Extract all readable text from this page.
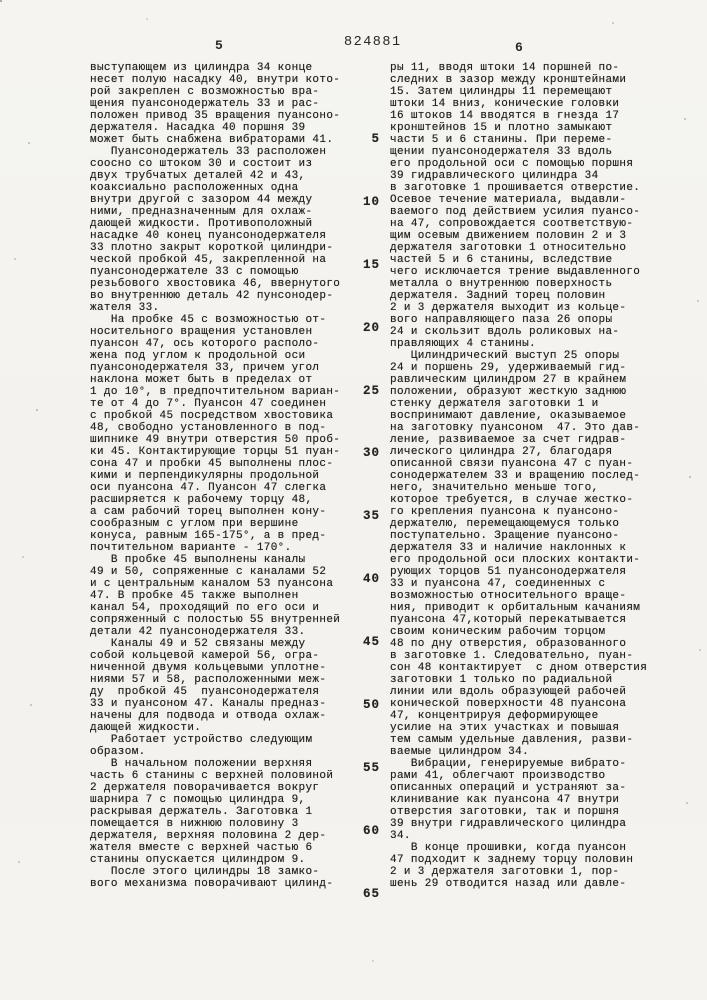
5	824881	6
выступающем из цилиндра 34 конце
несет полую насадку 40, внутри кото-
рой закреплен с возможностью вра-
щения пуансонодержатель 33 и рас-
положен привод 35 вращения пуансоно-
держателя. Насадка 40 поршня 39
может быть снабжена вибраторами 41.
Пуансонодержатель 33 расположен
соосно со штоком 30 и состоит из
двух трубчатых деталей 42 и 43,
коаксиально расположенных одна
внутри другой с зазором 44 между
ними, предназначенным для охлаж-
дающей жидкости. Противоположный
насадке 40 конец пуансонодержателя
33 плотно закрыт короткой цилиндри-
ческой пробкой 45, закрепленной на
пуансонодержателе 33 с помощью
резьбового хвостовика 46, ввернутого
во внутреннюю деталь 42 пунсонодер-
жателя 33.
На пробке 45 с возможностью от-
носительного вращения установлен
пуансон 47, ось которого располо-
жена под углом к продольной оси
пуансонодержателя 33, причем угол
наклона может быть в пределах от
1 до 10°, в предпочтительном вариан-
те от 4 до 7°. Пуансон 47 соединен
с пробкой 45 посредством хвостовика
48, свободно установленного в под-
шипнике 49 внутри отверстия 50 проб-
ки 45. Контактирующие торцы 51 пуан-
сона 47 и пробки 45 выполнены плос-
кими и перпендикулярны продольной
оси пуансона 47. Пуансон 47 слегка
расширяется к рабочему торцу 48,
а сам рабочий торец выполнен кону-
сообразным с углом при вершине
конуса, равным 165-175°, а в пред-
почтительном варианте - 170°.
В пробке 45 выполнены каналы
49 и 50, сопряженные с каналами 52
и с центральным каналом 53 пуансона
47. В пробке 45 также выполнен
канал 54, проходящий по его оси и
сопряженный с полостью 55 внутренней
детали 42 пуансонодержателя 33.
Каналы 49 и 52 связаны между
собой кольцевой камерой 56, огра-
ниченной двумя кольцевыми уплотне-
ниями 57 и 58, расположенными меж-
ду  пробкой 45  пуансонодержателя
33 и пуансоном 47. Каналы предназ-
начены для подвода и отвода охлаж-
дающей жидкости.
Работает устройство следующим
образом.
В начальном положении верхняя
часть 6 станины с верхней половиной
2 держателя поворачивается вокруг
шарнира 7 с помощью цилиндра 9,
раскрывая держатель. Заготовка 1
помещается в нижнюю половину 3
держателя, верхняя половина 2 дер-
жателя вместе с верхней частью 6
станины опускается цилиндром 9.
После этого цилиндры 18 замко-
вого механизма поворачивают цилинд-
5
10
15
20
25
30
35
40
45
50
55
60
65
ры 11, вводя штоки 14 поршней по-
следних в зазор между кронштейнами
15. Затем цилиндры 11 перемещают
штоки 14 вниз, конические головки
16 штоков 14 вводятся в гнезда 17
кронштейнов 15 и плотно замыкают
части 5 и 6 станины. При переме-
щении пуансонодержателя 33 вдоль
его продольной оси с помощью поршня
39 гидравлического цилиндра 34
в заготовке 1 прошивается отверстие.
Осевое течение материала, выдавли-
ваемого под действием усилия пуансо-
на 47, сопровождается соответствую-
щим осевым движением половин 2 и 3
держателя заготовки 1 относительно
частей 5 и 6 станины, вследствие
чего исключается трение выдавленного
металла о внутреннюю поверхность
держателя. Задний торец половин
2 и 3 держателя выходит из кольце-
вого направляющего паза 26 опоры
24 и скользит вдоль роликовых на-
правляющих 4 станины.
Цилиндрический выступ 25 опоры
24 и поршень 29, удерживаемый гид-
равлическим цилиндром 27 в крайнем
положении, образуют жесткую заднюю
стенку держателя заготовки 1 и
воспринимают давление, оказываемое
на заготовку пуансоном  47. Это дав-
ление, развиваемое за счет гидрав-
лического цилиндра 27, благодаря
описанной связи пуансона 47 с пуан-
сонодержателем 33 и вращению послед-
него, значительно меньше того,
которое требуется, в случае жестко-
го крепления пуансона к пуансоно-
держателю, перемещающемуся только
поступательно. Зращение пуансоно-
держателя 33 и наличие наклонных к
его продольной оси плоских контакти-
рующих торцов 51 пуансонодержателя
33 и пуансона 47, соединенных с
возможностью относительного враще-
ния, приводит к орбитальным качаниям
пуансона 47,который перекатывается
своим коническим рабочим торцом
48 по дну отверстия, образованного
в заготовке 1. Следовательно, пуан-
сон 48 контактирует  с дном отверстия
заготовки 1 только по радиальной
линии или вдоль образующей рабочей
конической поверхности 48 пуансона
47, концентрируя деформирующее
усилие на этих участках и повышая
тем самым удельные давления, разви-
ваемые цилиндром 34.
Вибрации, генерируемые вибрато-
рами 41, облегчают производство
описанных операций и устраняют за-
клинивание как пуансона 47 внутри
отверстия заготовки, так и поршня
39 внутри гидравлического цилиндра
34.
В конце прошивки, когда пуансон
47 подходит к заднему торцу половин
2 и 3 держателя заготовки 1, пор-
шень 29 отводится назад или давле-
